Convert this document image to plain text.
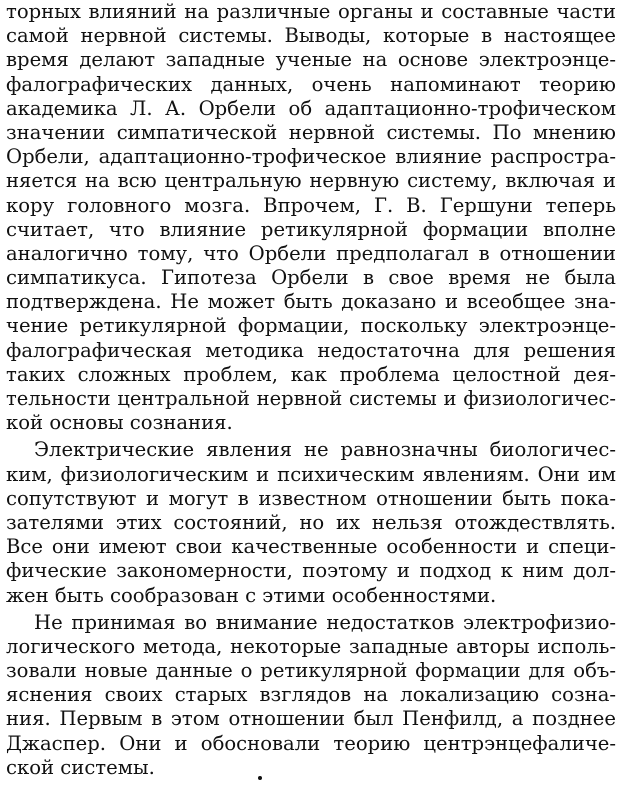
торных влияний на различные органы и составные части
самой нервной системы. Выводы, которые в настоящее
время делают западные ученые на основе электроэнце-
фалографических данных, очень напоминают теорию
академика Л. А. Орбели об адаптационно-трофическом
значении симпатической нервной системы. По мнению
Орбели, адаптационно-трофическое влияние распростра-
няется на всю центральную нервную систему, включая и
кору головного мозга. Впрочем, Г. В. Гершуни теперь
считает, что влияние ретикулярной формации вполне
аналогично тому, что Орбели предполагал в отношении
симпатикуса. Гипотеза Орбели в свое время не была
подтверждена. Не может быть доказано и всеобщее зна-
чение ретикулярной формации, поскольку электроэнце-
фалографическая методика недостаточна для решения
таких сложных проблем, как проблема целостной дея-
тельности центральной нервной системы и физиологичес-
кой основы сознания.
Электрические явления не равнозначны биологичес-
ким, физиологическим и психическим явлениям. Они им
сопутствуют и могут в известном отношении быть пока-
зателями этих состояний, но их нельзя отождествлять.
Все они имеют свои качественные особенности и специ-
фические закономерности, поэтому и подход к ним дол-
жен быть сообразован с этими особенностями.
Не принимая во внимание недостатков электрофизио-
логического метода, некоторые западные авторы исполь-
зовали новые данные о ретикулярной формации для объ-
яснения своих старых взглядов на локализацию созна-
ния. Первым в этом отношении был Пенфилд, а позднее
Джаспер. Они и обосновали теорию центрэнцефаличе-
ской системы.
